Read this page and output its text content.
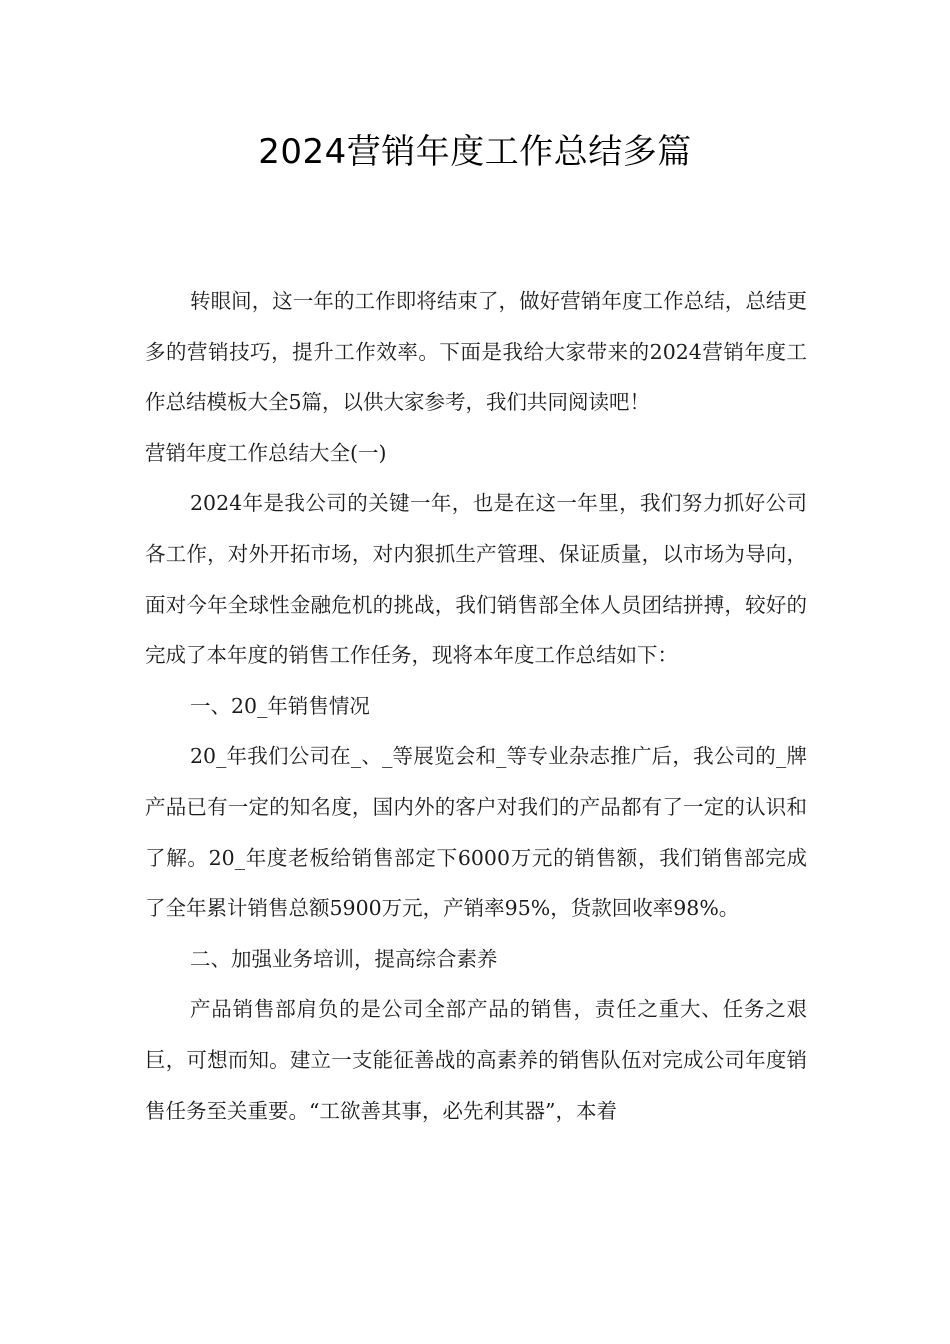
2024营销年度工作总结多篇

转眼间，这一年的工作即将结束了，做好营销年度工作总结，总结更多的营销技巧，提升工作效率。下面是我给大家带来的2024营销年度工作总结模板大全5篇，以供大家参考，我们共同阅读吧！

营销年度工作总结大全(一)

2024年是我公司的关键一年，也是在这一年里，我们努力抓好公司各工作，对外开拓市场，对内狠抓生产管理、保证质量，以市场为导向，面对今年全球性金融危机的挑战，我们销售部全体人员团结拼搏，较好的完成了本年度的销售工作任务，现将本年度工作总结如下：

一、20_年销售情况

20_年我们公司在_、_等展览会和_等专业杂志推广后，我公司的_牌产品已有一定的知名度，国内外的客户对我们的产品都有了一定的认识和了解。20_年度老板给销售部定下6000万元的销售额，我们销售部完成了全年累计销售总额5900万元，产销率95%，货款回收率98%。

二、加强业务培训，提高综合素养

产品销售部肩负的是公司全部产品的销售，责任之重大、任务之艰巨，可想而知。建立一支能征善战的高素养的销售队伍对完成公司年度销售任务至关重要。“工欲善其事，必先利其器”，本着
